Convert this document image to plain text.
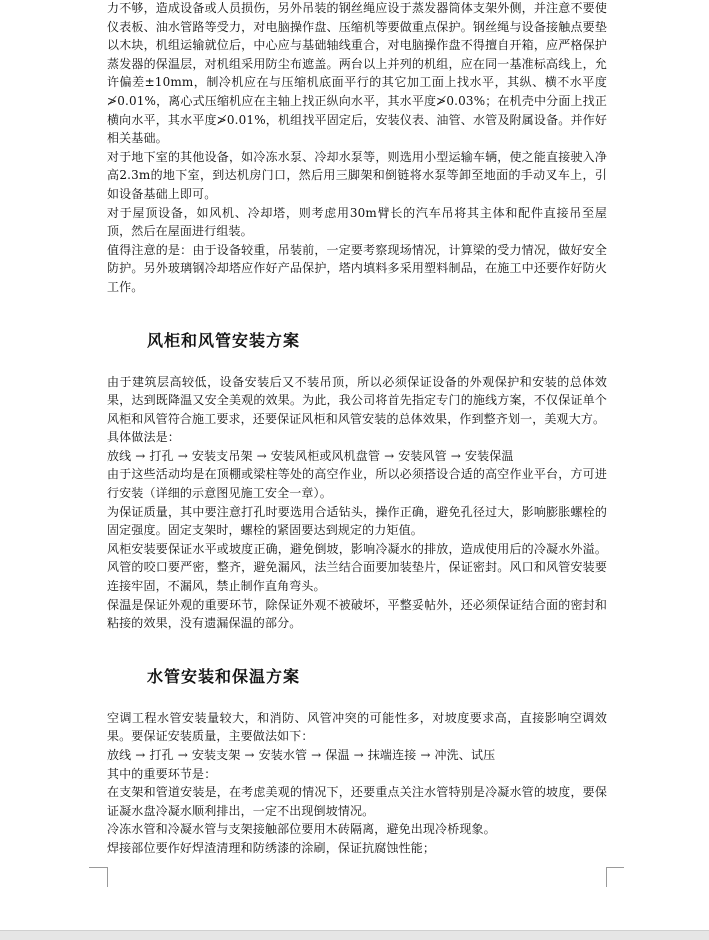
力不够，造成设备或人员损伤，另外吊装的钢丝绳应设于蒸发器筒体支架外侧，并注意不要使仪表板、油水管路等受力，对电脑操作盘、压缩机等要做重点保护。钢丝绳与设备接触点要垫以木块，机组运输就位后，中心应与基础轴线重合，对电脑操作盘不得擅自开箱，应严格保护蒸发器的保温层，对机组采用防尘布遮盖。两台以上并列的机组，应在同一基准标高线上，允许偏差±10mm，制冷机应在与压缩机底面平行的其它加工面上找水平，其纵、横不水平度≯0.01%，离心式压缩机应在主轴上找正纵向水平，其水平度≯0.03%；在机壳中分面上找正横向水平，其水平度≯0.01%，机组找平固定后，安装仪表、油管、水管及附属设备。并作好相关基础。

对于地下室的其他设备，如冷冻水泵、冷却水泵等，则选用小型运输车辆，使之能直接驶入净高2.3m的地下室，到达机房门口，然后用三脚架和倒链将水泵等卸至地面的手动叉车上，引如设备基础上即可。

对于屋顶设备，如风机、冷却塔，则考虑用30m臂长的汽车吊将其主体和配件直接吊至屋顶，然后在屋面进行组装。

值得注意的是：由于设备较重，吊装前，一定要考察现场情况，计算梁的受力情况，做好安全防护。另外玻璃钢冷却塔应作好产品保护，塔内填料多采用塑料制品，在施工中还要作好防火工作。

风柜和风管安装方案

由于建筑层高较低，设备安装后又不装吊顶，所以必须保证设备的外观保护和安装的总体效果，达到既降温又安全美观的效果。为此，我公司将首先指定专门的施线方案，不仅保证单个风柜和风管符合施工要求，还要保证风柜和风管安装的总体效果，作到整齐划一，美观大方。

具体做法是：

放线 → 打孔 → 安装支吊架 → 安装风柜或风机盘管 → 安装风管 → 安装保温

由于这些活动均是在顶棚或梁柱等处的高空作业，所以必须搭设合适的高空作业平台，方可进行安装（详细的示意图见施工安全一章）。

为保证质量，其中要注意打孔时要选用合适钻头，操作正确，避免孔径过大，影响膨胀螺栓的固定强度。固定支架时，螺栓的紧固要达到规定的力矩值。

风柜安装要保证水平或坡度正确，避免倒坡，影响冷凝水的排放，造成使用后的冷凝水外溢。风管的咬口要严密，整齐，避免漏风，法兰结合面要加装垫片，保证密封。风口和风管安装要连接牢固，不漏风，禁止制作直角弯头。

保温是保证外观的重要环节，除保证外观不被破坏，平整妥帖外，还必须保证结合面的密封和粘接的效果，没有遗漏保温的部分。

水管安装和保温方案

空调工程水管安装量较大，和消防、风管冲突的可能性多，对坡度要求高，直接影响空调效果。要保证安装质量，主要做法如下：

放线 → 打孔 → 安装支架 → 安装水管 → 保温 → 抹端连接 → 冲洗、试压

其中的重要环节是：

在支架和管道安装是，在考虑美观的情况下，还要重点关注水管特别是冷凝水管的坡度，要保证凝水盘冷凝水顺利排出，一定不出现倒坡情况。

冷冻水管和冷凝水管与支架接触部位要用木砖隔离，避免出现冷桥现象。

焊接部位要作好焊渣清理和防绣漆的涂刷，保证抗腐蚀性能；
